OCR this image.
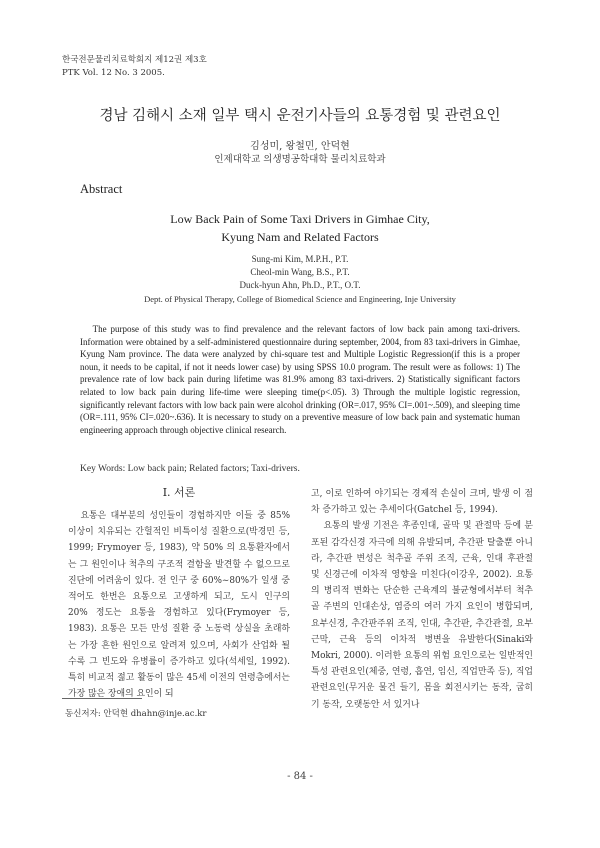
한국전문물리치료학회지 제12권 제3호
PTK Vol. 12 No. 3 2005.
경남 김해시 소재 일부 택시 운전기사들의 요통경험 및 관련요인
김성미, 왕철민, 안덕현
인제대학교 의생명공학대학 물리치료학과
Abstract
Low Back Pain of Some Taxi Drivers in Gimhae City,
Kyung Nam and Related Factors
Sung-mi Kim, M.P.H., P.T.
Cheol-min Wang, B.S., P.T.
Duck-hyun Ahn, Ph.D., P.T., O.T.
Dept. of Physical Therapy, College of Biomedical Science and Engineering, Inje University

The purpose of this study was to find prevalence and the relevant factors of low back pain among taxi-drivers. Information were obtained by a self-administered questionnaire during september, 2004, from 83 taxi-drivers in Gimhae, Kyung Nam province. The data were analyzed by chi-square test and Multiple Logistic Regression(if this is a proper noun, it needs to be capital, if not it needs lower case) by using SPSS 10.0 program. The result were as follows: 1) The prevalence rate of low back pain during lifetime was 81.9% among 83 taxi-drivers. 2) Statistically significant factors related to low back pain during life-time were sleeping time(p<.05). 3) Through the multiple logistic regression, significantly relevant factors with low back pain were alcohol drinking (OR=.017, 95% CI=.001~.509), and sleeping time (OR=.111, 95% CI=.020~.636). It is necessary to study on a preventive measure of low back pain and systematic human engineering approach through objective clinical research.

Key Words: Low back pain; Related factors; Taxi-drivers.
Ⅰ. 서론

요통은 대부분의 성인들이 경험하지만 이들 중 85% 이상이 치유되는 간헐적인 비특이성 질환으로(박경민 등, 1999; Frymoyer 등, 1983), 약 50% 의 요통환자에서는 그 원인이나 척추의 구조적 결함을 발견할 수 없으므로 진단에 어려움이 있다. 전 인구 중 60%∼80%가 일생 중 적어도 한번은 요통으로 고생하게 되고, 도시 인구의 20% 정도는 요통을 경험하고 있다(Frymoyer 등, 1983). 요통은 모든 만성 질환 중 노동력 상실을 초래하는 가장 흔한 원인으로 알려져 있으며, 사회가 산업화 될수록 그 빈도와 유병률이 증가하고 있다(석세일, 1992). 특히 비교적 젊고 활동이 많은 45세 이전의 연령층에서는 가장 많은 장애의 요인이 되

고, 이로 인하여 야기되는 경제적 손실이 크며, 발생 이 점차 증가하고 있는 추세이다(Gatchel 등, 1994).

요통의 발생 기전은 후종인대, 골막 및 관절막 등에 분포된 감각신경 자극에 의해 유발되며, 추간판 탈출뿐 아니라, 추간판 변성은 척추골 주위 조직, 근육, 인대 후관절 및 신경근에 이차적 영향을 미친다(이강우, 2002). 요통의 병리적 변화는 단순한 근육계의 불균형에서부터 척추골 주변의 인대손상, 염증의 여러 가지 요인이 병합되며, 요부신경, 추간판주위 조직, 인대, 추간판, 추간관절, 요부근막, 근육 등의 이차적 병변을 유발한다(Sinaki와 Mokri, 2000). 이러한 요통의 위험 요인으로는 일반적인 특성 관련요인(체중, 연령, 흡연, 임신, 직업만족 등), 직업 관련요인(무거운 물건 들기, 몸을 회전시키는 동작, 굽히기 동작, 오랫동안 서 있거나

동신저자: 안덕현 dhahn@inje.ac.kr
- 84 -
